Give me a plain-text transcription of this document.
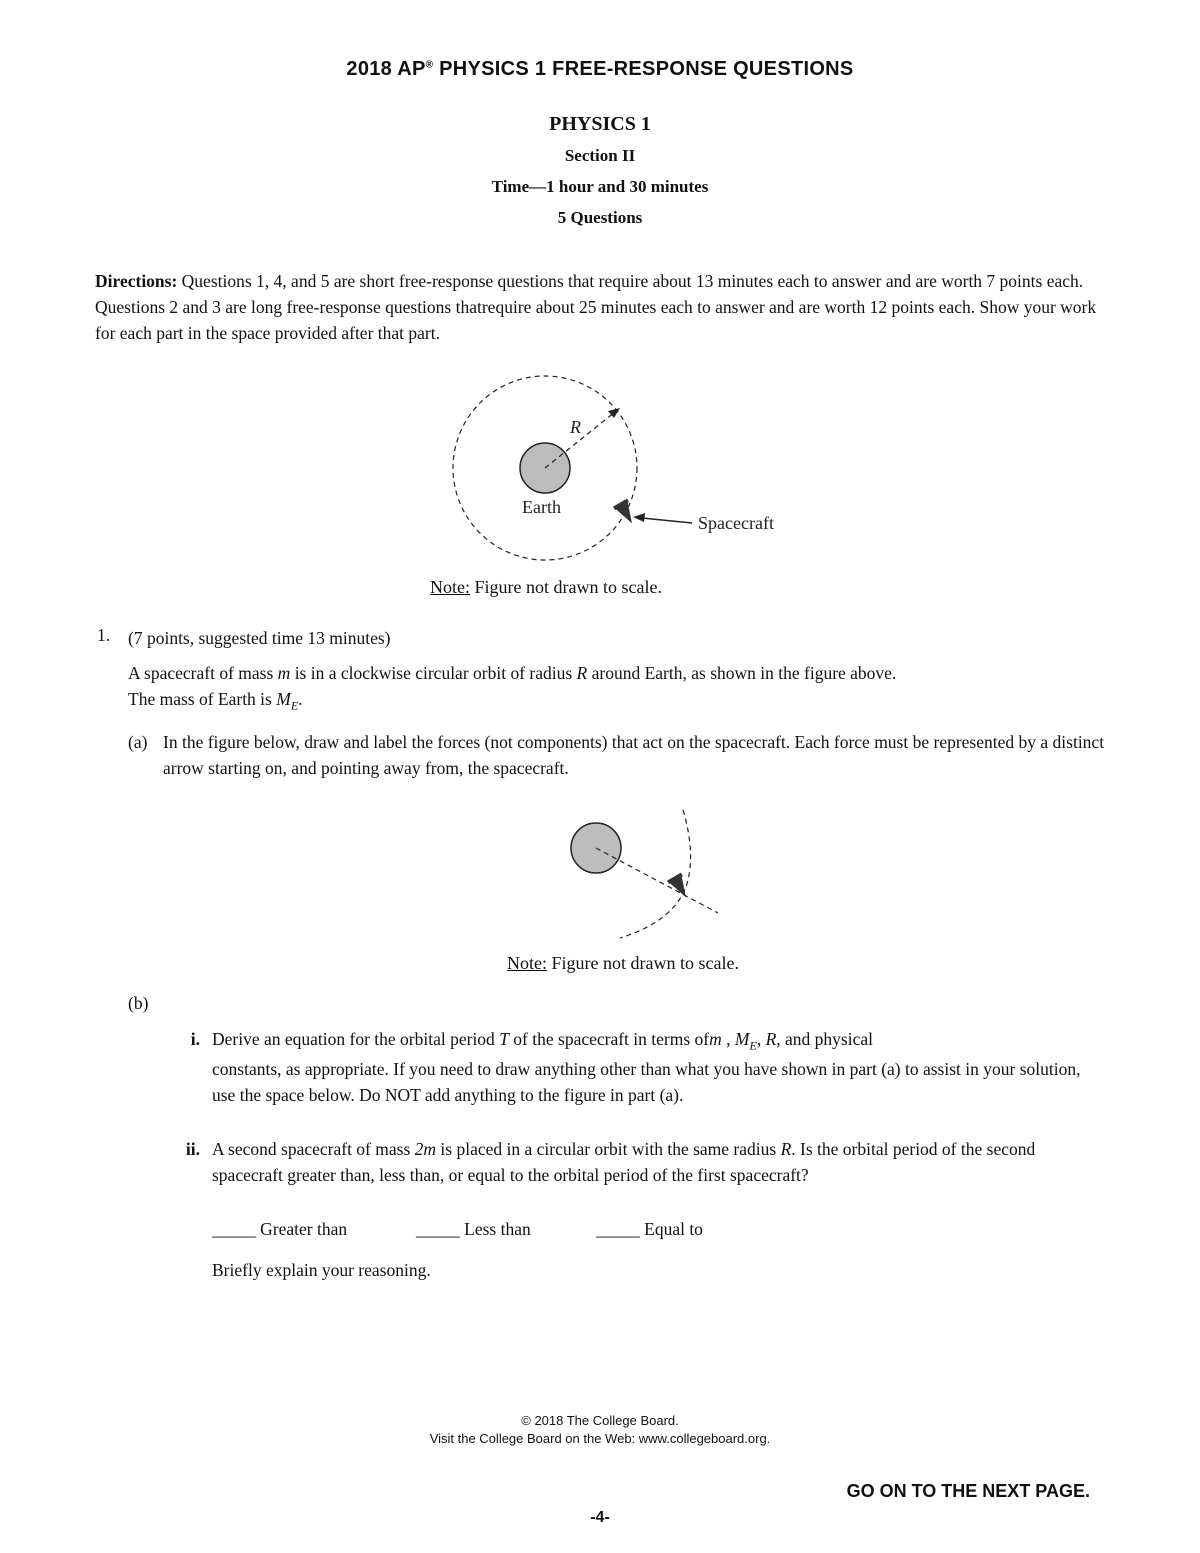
2018 AP® PHYSICS 1 FREE-RESPONSE QUESTIONS
PHYSICS 1
Section II
Time—1 hour and 30 minutes
5 Questions
Directions: Questions 1, 4, and 5 are short free-response questions that require about 13 minutes each to answer and are worth 7 points each. Questions 2 and 3 are long free-response questions thatrequire about 25 minutes each to answer and are worth 12 points each. Show your work for each part in the space provided after that part.
R
Earth
Spacecraft
Note: Figure not drawn to scale.
1. (7 points, suggested time 13 minutes)
A spacecraft of mass m is in a clockwise circular orbit of radius R around Earth, as shown in the figure above.
The mass of Earth is $M_E$.
(a) In the figure below, draw and label the forces (not components) that act on the spacecraft. Each force must be represented by a distinct arrow starting on, and pointing away from, the spacecraft.
Note: Figure not drawn to scale.
(b)
i. Derive an equation for the orbital period T of the spacecraft in terms ofm , $M_E$, R, and physical
constants, as appropriate. If you need to draw anything other than what you have shown in part (a) to assist in your solution, use the space below. Do NOT add anything to the figure in part (a).
ii. A second spacecraft of mass 2m is placed in a circular orbit with the same radius R. Is the orbital period of the second spacecraft greater than, less than, or equal to the orbital period of the first spacecraft?
_____ Greater than	_____ Less than	_____ Equal to
Briefly explain your reasoning.
© 2018 The College Board.
Visit the College Board on the Web: www.collegeboard.org.
GO ON TO THE NEXT PAGE.
-4-
